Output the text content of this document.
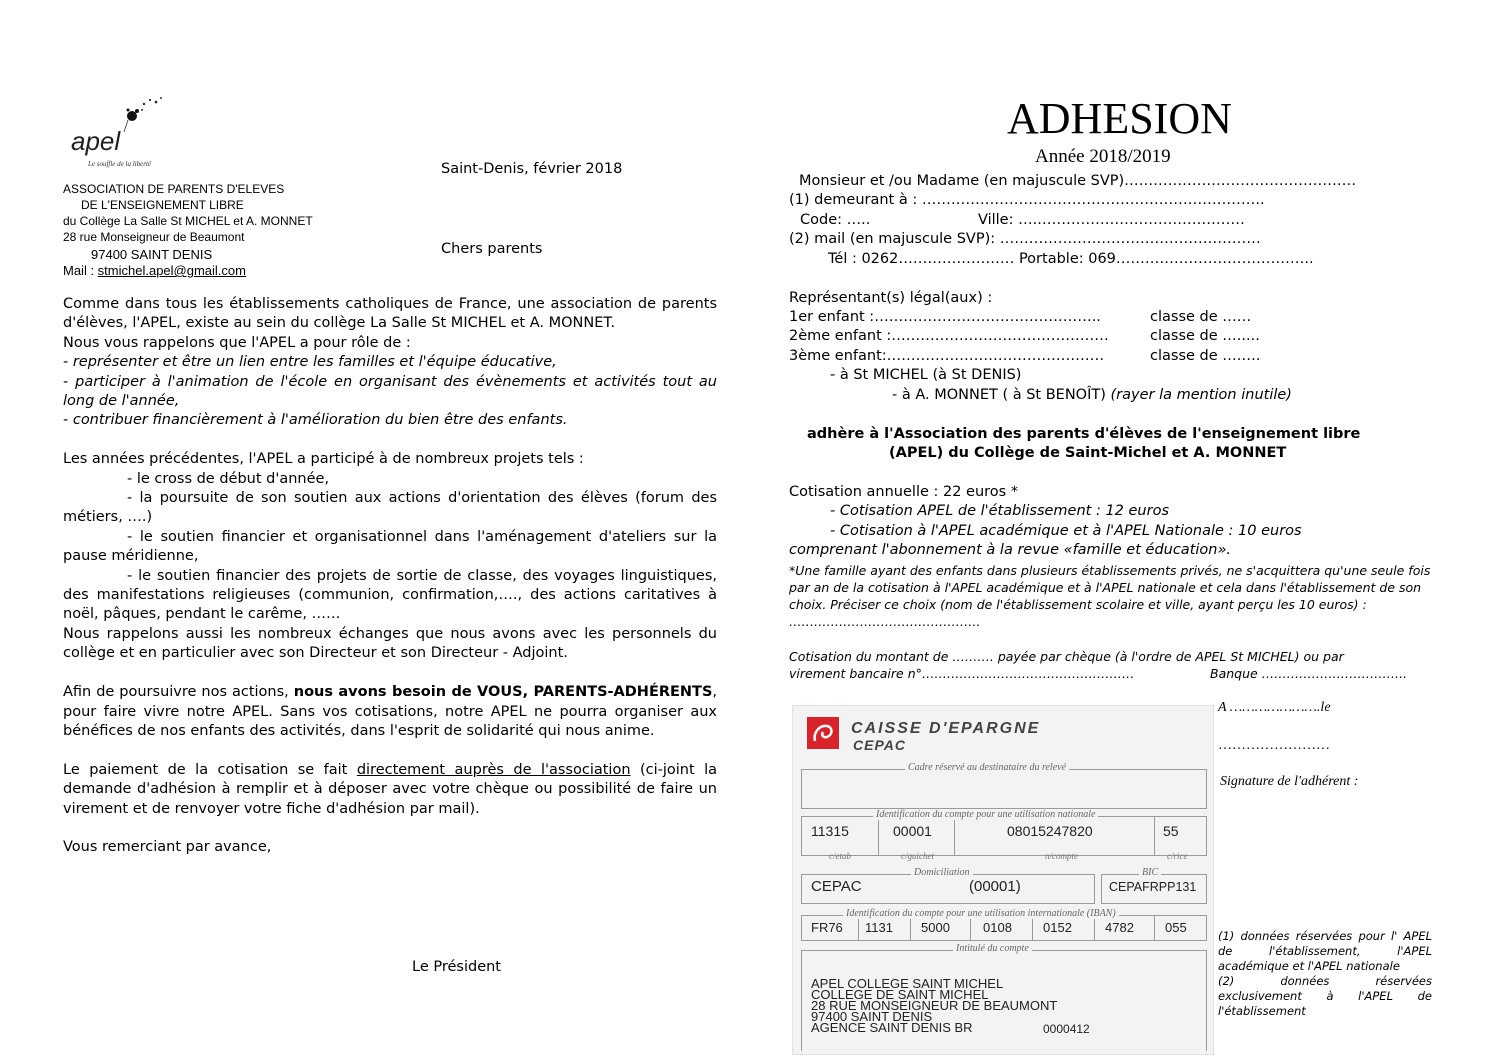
apel
Le souffle de la liberté
ASSOCIATION DE PARENTS D'ELEVES
DE L'ENSEIGNEMENT LIBRE
du Collège La Salle St MICHEL et A. MONNET
28 rue Monseigneur de Beaumont
97400 SAINT DENIS
Mail : stmichel.apel@gmail.com
Saint-Denis, février 2018
Chers parents
Comme dans tous les établissements catholiques de France, une association de parents d'élèves, l'APEL, existe au sein du collège La Salle St MICHEL et A. MONNET.
Nous vous rappelons que l'APEL a pour rôle de :
- représenter et être un lien entre les familles et l'équipe éducative,
- participer à l'animation de l'école en organisant des évènements et activités tout au long de l'année,
- contribuer financièrement à l'amélioration du bien être des enfants.
Les années précédentes, l'APEL a participé à de nombreux projets tels :
- le cross de début d'année,
- la poursuite de son soutien aux actions d'orientation des élèves (forum des métiers, ….)
- le soutien financier et organisationnel dans l'aménagement d'ateliers sur la pause méridienne,
- le soutien financier des projets de sortie de classe, des voyages linguistiques, des manifestations religieuses (communion, confirmation,…., des actions caritatives à noël, pâques, pendant le carême, ……
Nous rappelons aussi les nombreux échanges que nous avons avec les personnels du collège et en particulier avec son Directeur et son Directeur - Adjoint.
Afin de poursuivre nos actions, nous avons besoin de VOUS, PARENTS-ADHÉRENTS, pour faire vivre notre APEL. Sans vos cotisations, notre APEL ne pourra organiser aux bénéfices de nos enfants des activités, dans l'esprit de solidarité qui nous anime.
Le paiement de la cotisation se fait directement auprès de l'association (ci-joint la demande d'adhésion à remplir et à déposer avec votre chèque ou possibilité de faire un virement et de renvoyer votre fiche d'adhésion par mail).
Vous remerciant par avance,
Le Président
ADHESION
Année 2018/2019
Monsieur et /ou Madame (en majuscule SVP)…………………………………………
(1) demeurant à : ……………………………………………………………..
Code: …..	Ville: …..……………………………………
(2) mail (en majuscule SVP): ………………………………………………
Tél : 0262…………………… Portable: 069…………………………………..
Représentant(s) légal(aux) :
1er enfant :………………………………………..	classe de ……
2ème enfant :………………………………………	classe de ….....
3ème enfant:………………………………………	classe de ….….
- à St MICHEL (à St DENIS)
- à A. MONNET ( à St BENOÎT) (rayer la mention inutile)
adhère à l'Association des parents d'élèves de l'enseignement libre
(APEL) du Collège de Saint-Michel et A. MONNET
Cotisation annuelle : 22 euros *
- Cotisation APEL de l'établissement : 12 euros
- Cotisation à l'APEL académique et à l'APEL Nationale : 10 euros
comprenant l'abonnement à la revue «famille et éducation».
*Une famille ayant des enfants dans plusieurs établissements privés, ne s'acquittera qu'une seule fois par an de la cotisation à l'APEL académique et à l'APEL nationale et cela dans l'établissement de son choix. Préciser ce choix (nom de l'établissement scolaire et ville, ayant perçu les 10 euros) : ……………………………………….
Cotisation du montant de ………. payée par chèque (à l'ordre de APEL St MICHEL) ou par
virement bancaire n°……………………………………………	Banque ……………………………..
A ………………….le
……………………
Signature de l'adhérent :
(1) données réservées pour l' APEL de l'établissement, l'APEL académique et l'APEL nationale
(2) données réservées exclusivement à l'APEL de l'établissement
CAISSE D'EPARGNE
CEPAC
Cadre réservé au destinataire du relevé
Identification du compte pour une utilisation nationale
11315	00001	08015247820	55
c/etab	c/guichet	n/compte	c/rice
Domiciliation
CEPAC	(00001)
BIC
CEPAFRPP131
Identification du compte pour une utilisation internationale (IBAN)
FR76 1131 5000	0108 0152	4782 055
Intitulé du compte
APEL COLLEGE SAINT MICHEL
COLLEGE DE SAINT MICHEL
28 RUE MONSEIGNEUR DE BEAUMONT
97400 SAINT DENIS
AGENCE SAINT DENIS BR	0000412
